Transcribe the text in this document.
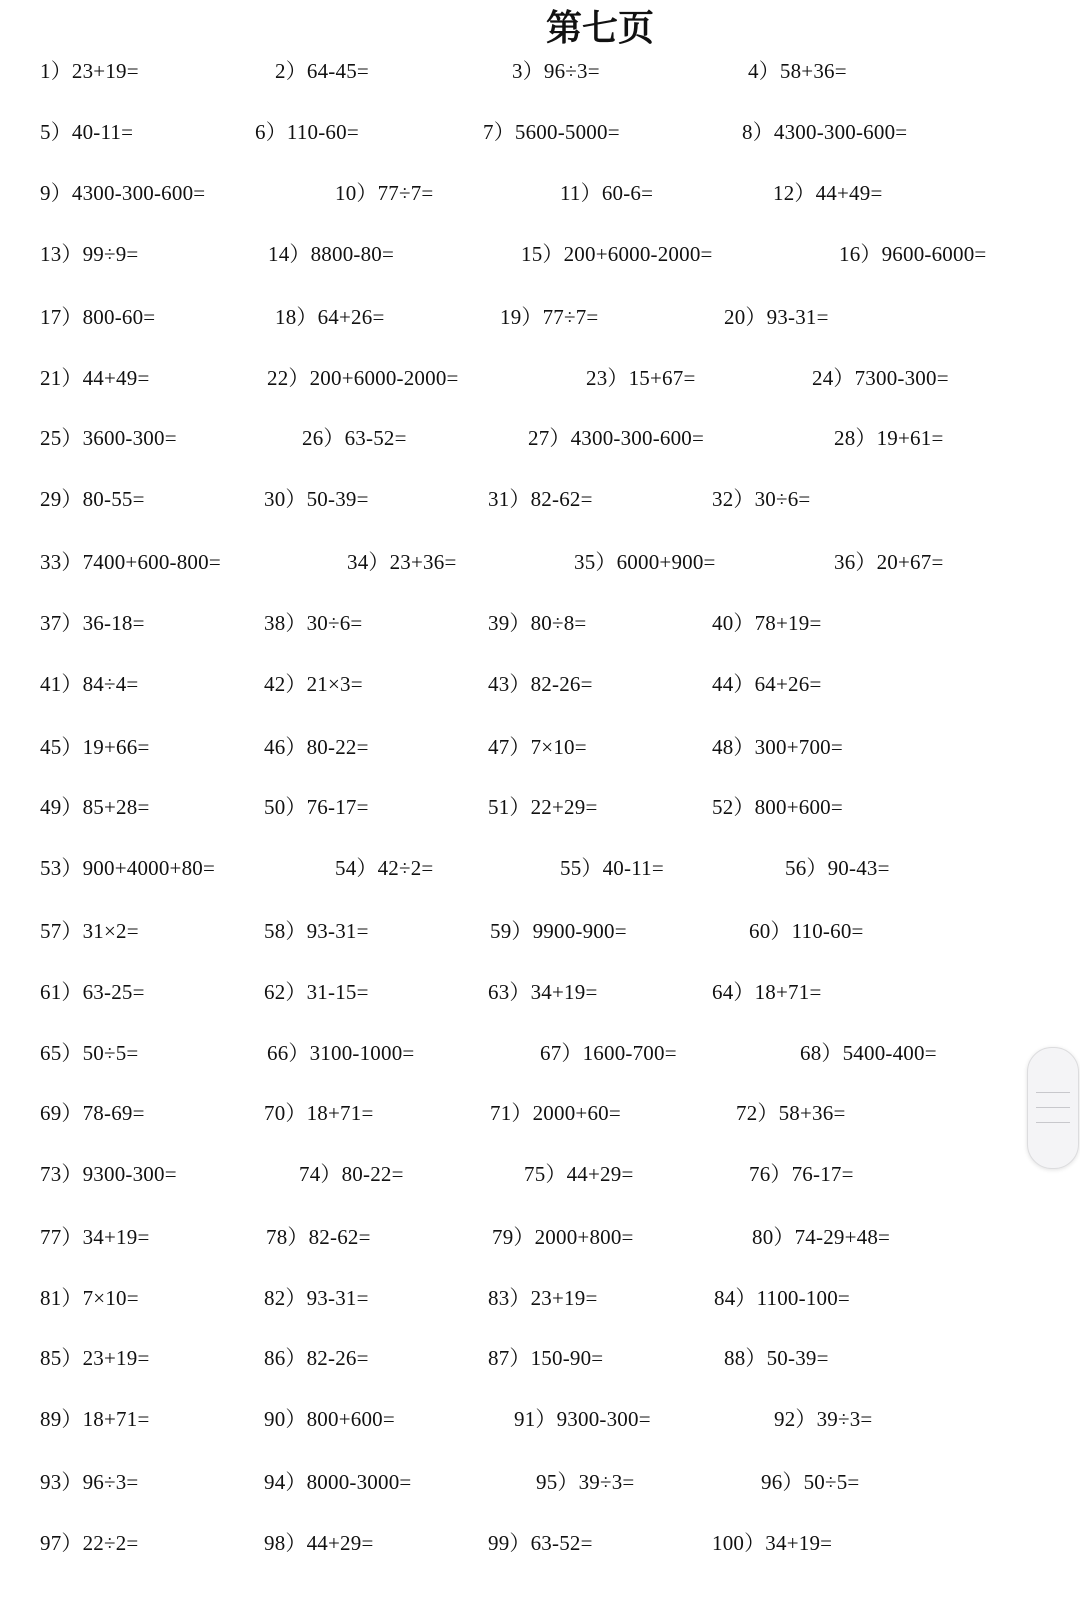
第七页
1）23+19=	2）64-45=	3）96÷3=	4）58+36=
5）40-11=	6）110-60=	7）5600-5000=	8）4300-300-600=
9）4300-300-600=	10）77÷7=	11）60-6=	12）44+49=
13）99÷9=	14）8800-80=	15）200+6000-2000=	16）9600-6000=
17）800-60=	18）64+26=	19）77÷7=	20）93-31=
21）44+49=	22）200+6000-2000=	23）15+67=	24）7300-300=
25）3600-300=	26）63-52=	27）4300-300-600=	28）19+61=
29）80-55=	30）50-39=	31）82-62=	32）30÷6=
33）7400+600-800=	34）23+36=	35）6000+900=	36）20+67=
37）36-18=	38）30÷6=	39）80÷8=	40）78+19=
41）84÷4=	42）21×3=	43）82-26=	44）64+26=
45）19+66=	46）80-22=	47）7×10=	48）300+700=
49）85+28=	50）76-17=	51）22+29=	52）800+600=
53）900+4000+80=	54）42÷2=	55）40-11=	56）90-43=
57）31×2=	58）93-31=	59）9900-900=	60）110-60=
61）63-25=	62）31-15=	63）34+19=	64）18+71=
65）50÷5=	66）3100-1000=	67）1600-700=	68）5400-400=
69）78-69=	70）18+71=	71）2000+60=	72）58+36=
73）9300-300=	74）80-22=	75）44+29=	76）76-17=
77）34+19=	78）82-62=	79）2000+800=	80）74-29+48=
81）7×10=	82）93-31=	83）23+19=	84）1100-100=
85）23+19=	86）82-26=	87）150-90=	88）50-39=
89）18+71=	90）800+600=	91）9300-300=	92）39÷3=
93）96÷3=	94）8000-3000=	95）39÷3=	96）50÷5=
97）22÷2=	98）44+29=	99）63-52=	100）34+19=
